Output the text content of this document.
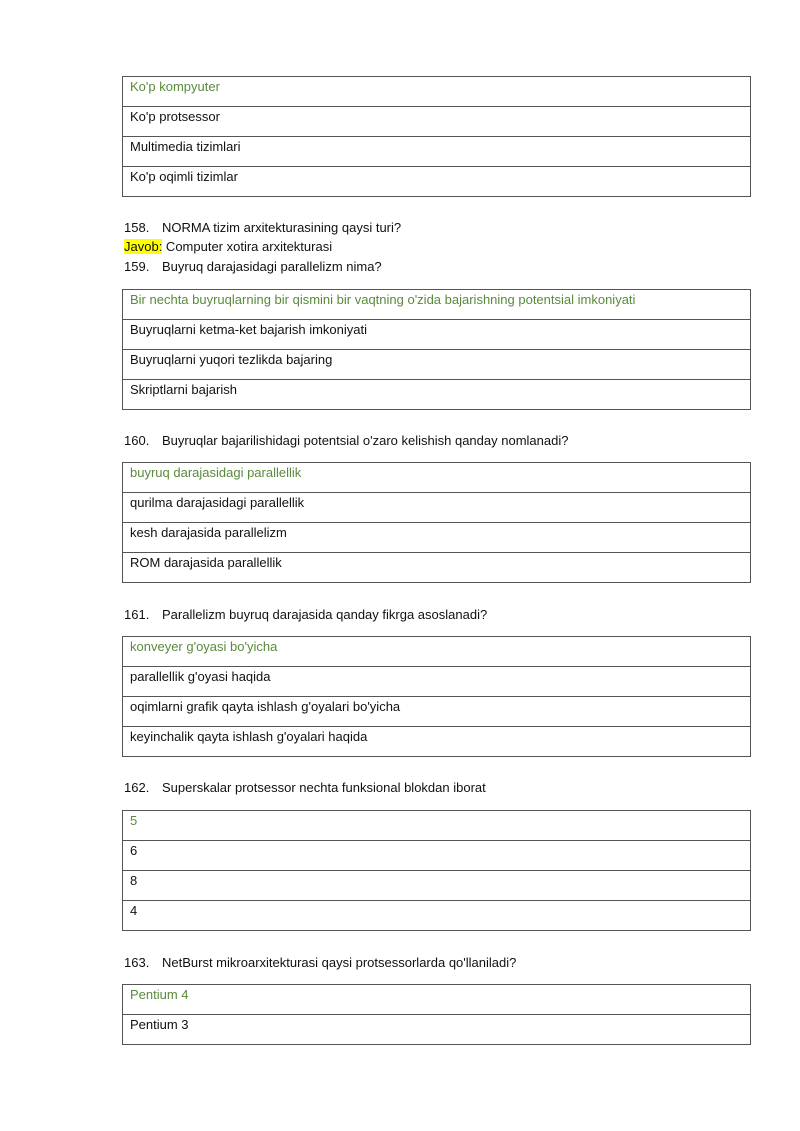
Ko'p kompyuter
Ko'p protsessor
Multimedia tizimlari
Ko'p oqimli tizimlar
158. NORMA tizim arxitekturasining qaysi turi?
Javob: Computer xotira arxitekturasi
159. Buyruq darajasidagi parallelizm nima?
Bir nechta buyruqlarning bir qismini bir vaqtning o'zida bajarishning potentsial imkoniyati
Buyruqlarni ketma-ket bajarish imkoniyati
Buyruqlarni yuqori tezlikda bajaring
Skriptlarni bajarish
160. Buyruqlar bajarilishidagi potentsial o'zaro kelishish qanday nomlanadi?
buyruq darajasidagi parallellik
qurilma darajasidagi parallellik
kesh darajasida parallelizm
ROM darajasida parallellik
161. Parallelizm buyruq darajasida qanday fikrga asoslanadi?
konveyer g'oyasi bo'yicha
parallellik g'oyasi haqida
oqimlarni grafik qayta ishlash g'oyalari bo'yicha
keyinchalik qayta ishlash g'oyalari haqida
162. Superskalar protsessor nechta funksional blokdan iborat
5
6
8
4
163. NetBurst mikroarxitekturasi qaysi protsessorlarda qo'llaniladi?
Pentium 4
Pentium 3
